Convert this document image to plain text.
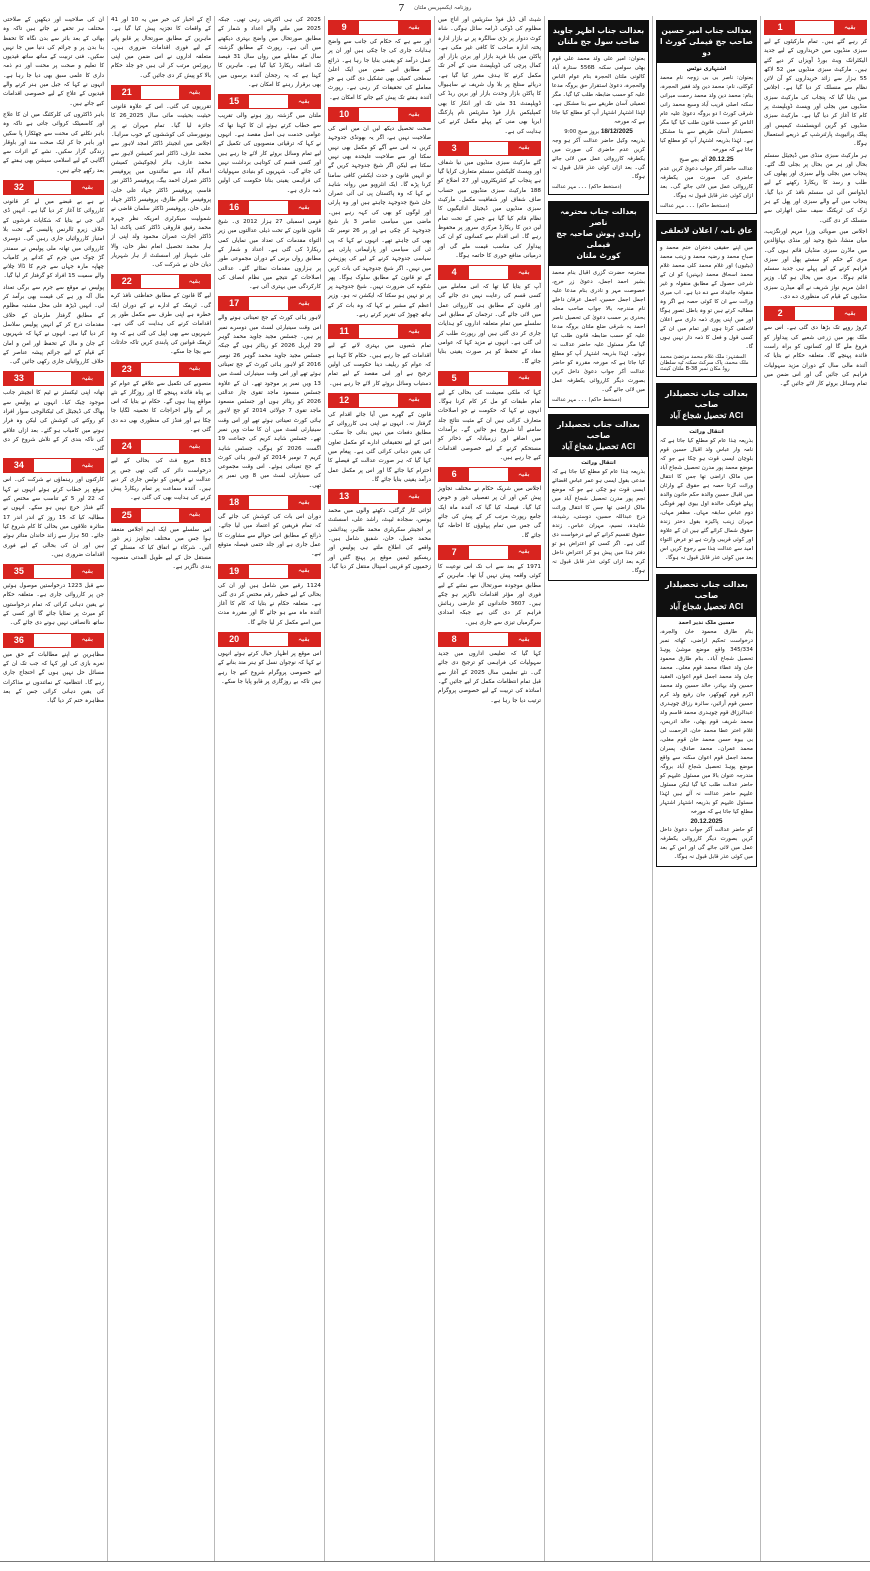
روزنامہ ایکسپریس ملتان
7
1	بقیہ

کر رہے گئے ہیں۔ تمام مارکیٹوں کے لیے سبزی منڈیوں میں خریداروں کے لیے جدید الیکٹرانک ویٹ بورڈ آویزاں کر دیے گئے ہیں۔ مارکیٹ سبزی منڈیوں میں 52 لاکھ 55 ہزار سے زائد خریداروں کو آن لائن نظام سے منسلک کر دیا گیا ہے۔ اجلاس میں بتایا گیا کہ پنجاب کی مارکیٹ سبزی منڈیوں میں بجلی اور ویسٹ ڈویلپمنٹ پر کام کا آغاز کر دیا گیا ہے۔ مارکیٹ سبزی منڈیوں کو گرین انویسٹمنٹ کیمپس اور پبلک پرائیویٹ پارٹنرشپ کے ذریعے استعمال ہوگا۔

ہر مارکیٹ سبزی منڈی میں ڈیجیٹل سسٹم بحال اور ہر من بحال پر بجلی لگ گئے۔ پنجاب میں بجلی والے سبزی اور پھلوں کی طلب و رسد کا ریکارڈ رکھنے کے لیے ایڈوانس آئی ٹی سسٹم نافذ کر دیا گیا۔ پنجاب میں آنے والے سبزی اور پھل کے ہر ٹرک کی ٹریکنگ سیف سٹی اتھارٹی سے منسلک کر دی گئی۔

اجلاس میں صوبائی وزرا مریم اورنگزیب، میاں منشا، شیخ وحید اور منڈی بہاؤالدین میں ماڈرن سبزی منڈیاں قائم ہوں گی۔ مری کے حکم کو سستے پھل اور سبزی فراہم کرنے کے لیے پہلے ہی جدید سسٹم قائم ہوگا۔ مری میں بحال ہو گیا۔ وزیر اعلیٰ مریم نواز شریف نے آٹھ میڈرن سبزی منڈیوں کے قیام کی منظوری دے دی۔

2	بقیہ

کروڑ روپے تک بڑھا دی گئی ہے۔ اس سے ملک بھر میں زرعی شعبے کی پیداوار کو فروغ ملے گا اور کسانوں کو براہ راست فائدہ پہنچے گا۔ متعلقہ حکام نے بتایا کہ آئندہ مالی سال کے دوران مزید سہولیات فراہم کی جائیں گی اور اس ضمن میں تمام وسائل بروئے کار لائے جائیں گے۔

بعدالت جناب امیر حسین
صاحب جج فیملی کورٹ ا دو
اشتہاری نوٹس
بعنوان: ناصر بی بی زوجہ نام محمد کوکلی، نام: محمد دین ولد فقیر الحجرہ، بنام: محمد دین ولد محمد رحمت میرانی سکنہ اصلی قریب آباد وسیع محمد رانی شرقی کورٹ ا دو بروگہ دعویٰ علیہ عام الناس کو حسب قانون طلب کیا گیا مگر تحصیلدار آسان طریقے سے بنا مشکل ہے۔ لہٰذا بذریعہ اشتہار آپ کو مطلع کیا جاتا ہے کہ مورخہ
20.12.25 آٹھ بجے صبح
عدالت حاضر آکر جواب دعویٰ کریں عدم حاضری کی صورت میں یکطرفہ کارروائی عمل میں لائی جائے گی۔ بعد ازاں کوئی عذر قابل قبول نہ ہوگا۔
(دستخط حاکم) ۔۔۔ مہر عدالت
عاق نامہ / اعلان لاتعلقی
میں اپنے حقیقی دختران ختم محمد و صباح محمد و رضیہ محمد و زینب محمد (بیٹیوں) اور غلام محمد کلی محمد غلام محمد اسحاق محمد (بہنیں) کو ان کے شرعی حصول کے مطابق منقولہ و غیر منقولہ جائیداد سے دے دیا ہے۔ اب میری وراثت سے ان کا کوئی حصہ ہے اگر وہ مطالبہ کرتے ہیں تو وہ باطل تصور ہوگا اور میں اپنی پوری ذمہ داری سے اعلان لاتعلقی کرتا ہوں اور تمام میں ان کے کسی قول و فعل کا ذمہ دار نہیں ہوں گا۔
المشتہر: ملک غلام محمد مرتضیٰ محمد ملک محمد، پاک سرکٹ سکنہ ٹپہ سلطان روڈ مکان نمبر B-38 ملتان کینٹ
بعدالت جناب تحصیلدار صاحب
ACI تحصیل شجاع آباد
انتقال وراثت
بذریعہ ہٰذا عام کو مطلع کیا جاتا ہے کہ نامہ وار عباس ولد اقبال حسین قوم بلوچان ایسی قوت ہو چکا ہے جو کہ موضع محمد پور مدرن تحصیل شجاع آباد میں مالک اراضی تھا جس کا انتقال وراثت کرتا حصہ ہے حقوق کے وارثان میں اقبال حسین والدہ حکم خاتون والدہ پہلے فوتگی خالدہ اول بیوی ابھر فوتگی دوم عباس سابقہ مہاں۔ مظفر مہاں، مہران زینب پاکیزہ بقول دختر زندہ حقوق شمال کرائے گئے ہیں ان کے علاوہ اور کوئی قریبی وارث ہے تو عرض التواء امید سے عدالت ہٰذا سے رجوع کریں اس بعد میں کوئی عذر قابل قبول نہ ہوگا۔
بعدالت جناب تحصیلدار صاحب
ACI تحصیل شجاع آباد
حسین ملک نذیر احمد
بنام طارق محمود خان والجرہ، درخواست تحکیم اراضی، کھاتہ نمبر 345/334 واقع موضع موشیٰ پوہڈ تحصیل شجاع آباد۔ بنام طارق محمود خان ولد عطاء محمد قوم مغلی۔ محمد جان ولد محمد اجمل قوم اعوان، العقید حسین ولد بہادر، خالد حسین ولد محمد اکرم قوم کھوکھر، جان رفیع ولد کرم حسین قوم آرائیں، سائرہ رزاق چوہدری عبدالرزاق قوم چوہدری محمد قاسم ولد محمد شریف قوم بھٹی، خالد ادریس، غلام اختر عطا محمد خان، الرحمت لی بی بیوہ حسن محمد خان قوم مغلی، محمد عمران۔ محمد صادق، پسران محمد اجمل قوم اعوان سکنہ سے واقع موضع پوہڈ تحصیل شجاع آباد بروگہ مندرجہ عنوان بالا میں مسئول علیہم کو حاضر عدالت طلب کیا گیا لیکن مسئول علیہم حاضر عدالت نہ آئے ہیں لہٰذا مسئول علیہم کو بذریعہ اشتہار اشتہار مطلع کیا جاتا ہے کہ مورخہ
20.12.2025
کو حاضر عدالت آکر جواب دعویٰ داخل کریں بصورت دیگر کارروائی یکطرفہ عمل میں لائی جائے گی اور اس کے بعد میں کوئی عذر قابل قبول نہ ہوگا۔
بعدالت جناب اظہر جاوید
صاحب سول جج ملتان
بعنوان: امیر علی ولد محمد علی قوم بھٹی سوامی سکنہ 556B ستارہ آباد کالونی ملتان الحجرہ بنام عوام الناس والحجرہ، دعویٰ استقرار حق بروگہ مدعا علیہ کو حسب ضابطہ طلب کیا گیا۔ مگر تعمیلی آسان طریقے سے بنا مشکل ہے۔ لہٰذا اشتہار اشتہار آپ کو مطلع کیا جاتا ہے کہ مورخہ
18/12/2025 بروز صبح 9:00
بذریعہ وکیل حاضر عدالت آکر ہو وجہ کریں عدم حاضری کی صورت میں یکطرفہ کارروائی عمل میں لائی جائے گی۔ بعد ازاں کوئی عذر قابل قبول نہ ہوگا۔
(دستخط حاکم) ۔۔۔ مہر عدالت
بعدالت جناب محترمہ ناصر
زاہدی ہوش صاحبہ جج فیملی
کورٹ ملتان
محترمہ حضرت گزری اقبال بنام محمد بشیر احمد اجمل، دعویٰ زر خرچ، خصوصت مہر و نادری بنام مدعا علیہ اجمل اجمل حسین، اجمل عرفان داخلے نام مندرجہ بالا جواب صاحب محلہ بحدری بر حسب دعویٰ کی تحصیل ناصر احمد بہ شرقی ضلع ملتان بروگہ مدعا علیہ کو حسب ضابطہ قانون طلب کیا گیا مگر مسئول علیہ حاضر عدالت نہ ہوئے۔ لہٰذا بذریعہ اشتہار آپ کو مطلع کیا جاتا ہے کہ مورخہ مقررہ کو حاضر عدالت آکر جواب دعویٰ داخل کریں بصورت دیگر کارروائی یکطرفہ عمل میں لائی جائے گی۔
(دستخط حاکم) ۔۔۔ مہر عدالت
بعدالت جناب تحصیلدار صاحب
ACI تحصیل شجاع آباد
انتقال وراثت
بذریعہ ہٰذا عام کو مطلع کیا جاتا ہے کہ مدعی بقول ایسی ہو عمر عباس اقضائے ایسی قوت ہو چکی ہے جو کہ موضع نجم پور مدرن تحصیل شجاع آباد میں مالک اراضی تھا جس کا انتقال وراثت درج عبداللہ حسین، دوستی، رشیدہ، شاہدہ، نسیم، مہران عباس۔ زندہ حقوق تقسیم کرانے کے لیے درخواست دی گئی ہے۔ اگر کسی کو اعتراض ہو تو دفتر ہٰذا میں پیش ہو کر اعتراض داخل کرے بعد ازاں کوئی عذر قابل قبول نہ ہوگا۔

شیٹ آف ڈیل فوڈ سٹریٹس اور اناج میں مظلوم کی ڈوکی ڈرامہ سائل ہوگی۔ شاہ کوٹ ددوار پر بڑی سالگرہ پر نے بازار ادارہ پختہ ادارہ صاحب کا کافی غیر مکی ہے۔ پاکٹن میں بابا فرید بازار اور برتن بازار اور کمال پرچی کی ڈویلپمنٹ منی کے آخر تک مکمل کرنے کا ہدف مقرر کیا گیا ہے۔ دریائے ستلج پر بلا ول شریف نے ساہیوال کا پاکٹن بازار وحدت بازار اور برین ریڈ کی ڈویلپمنٹ 31 مئی تک اور انکار کا بھی کمپلیکس بازار فوڈ سٹریٹس نام پارکنگ ایریا بھی منی کے پہلے مکمل کرنے کی ہدایت کی ہے۔

3	بقیہ

گئے مارکیٹ سبزی منڈیوں میں نیا شفاف اور ویسٹ کلیکشن سسٹم متعارف کرایا گیا ہے پنجاب کے کنٹریکٹروں اور 27 اضلاع کو 188 مارکیٹ سبزی منڈیوں میں حساب صاف شفاف اور شفافیت مکمل۔ مارکیٹ سبزی منڈیوں میں ڈیجیٹل ادائیگیوں کا نظام قائم کیا گیا ہے جس کے تحت تمام لین دین کا ریکارڈ مرکزی سرور پر محفوظ رہے گا۔ اس اقدام سے کسانوں کو ان کی پیداوار کی مناسب قیمت ملے گی اور درمیانی منافع خوری کا خاتمہ ہوگا۔

4	بقیہ

آپ کو بتایا گیا تھا کہ اس معاملے میں کسی قسم کی رعایت نہیں دی جائے گی اور قانون کے مطابق ہی کارروائی عمل میں لائی جائے گی۔ ترجمان کے مطابق اس سلسلے میں تمام متعلقہ اداروں کو ہدایات جاری کر دی گئی ہیں اور رپورٹ طلب کر لی گئی ہے۔ انہوں نے مزید کہا کہ عوامی مفاد کے تحفظ کو ہر صورت یقینی بنایا جائے گا۔

5	بقیہ

کہا کہ ملکی معیشت کی بحالی کے لیے تمام طبقات کو مل کر کام کرنا ہوگا۔ انہوں نے کہا کہ حکومت نے جو اصلاحات متعارف کرائی ہیں ان کے مثبت نتائج جلد سامنے آنا شروع ہو جائیں گے۔ برآمدات میں اضافے اور زرمبادلہ کے ذخائر کو مستحکم کرنے کے لیے خصوصی اقدامات کیے جا رہے ہیں۔

6	بقیہ

اجلاس میں شریک حکام نے مختلف تجاویز پیش کیں اور ان پر تفصیلی غور و خوض کیا گیا۔ فیصلہ کیا گیا کہ آئندہ ماہ ایک جامع رپورٹ مرتب کر کے پیش کی جائے گی جس میں تمام پہلوؤں کا احاطہ کیا جائے گا۔

7	بقیہ

1971 کے بعد سے اب تک اس نوعیت کا کوئی واقعہ پیش نہیں آیا تھا۔ ماہرین کے مطابق موجودہ صورتحال سے نمٹنے کے لیے فوری اور مؤثر اقدامات ناگزیر ہو چکے ہیں۔ 3607 خاندانوں کو عارضی رہائش فراہم کر دی گئی ہے جبکہ امدادی سرگرمیاں تیزی سے جاری ہیں۔

8	بقیہ

کہا گیا کہ تعلیمی اداروں میں جدید سہولیات کی فراہمی کو ترجیح دی جائے گی۔ نئے تعلیمی سال 2025 کے آغاز سے قبل تمام انتظامات مکمل کر لیے جائیں گے۔ اساتذہ کی تربیت کے لیے خصوصی پروگرام ترتیب دیا جا رہا ہے۔

9	بقیہ

اور سے ہے کہ حکام کی جانب سے واضح ہدایات جاری کی جا چکی ہیں اور ان پر عمل درآمد کو یقینی بنایا جا رہا ہے۔ ذرائع کے مطابق اس ضمن میں ایک اعلیٰ سطحی کمیٹی بھی تشکیل دی گئی ہے جو معاملے کی تحقیقات کر رہی ہے۔ رپورٹ آئندہ ہفتے تک پیش کیے جانے کا امکان ہے۔

10	بقیہ

صحت تحصیل دیکھ لیں ان میں اس کی صلاحیت نہیں ہے، اگر یہ بھونڈی جدوجہد کریں نہ اس سے آگے کو مکمل بھی نہیں سکتا اور سے صلاحیت علیحدہ بھی نہیں سکتا ہے لیکن اگر شیخ جدوجہد کریں گے تو انہیں قانون و حدت ایکشن کافی سامنا کرنا پڑے گا۔ ایک انٹرویو میں روانہ شاہد نے کہا کہ وہ پاکستان پی ٹی آئی عمران خان شیخ جدوجہد چاہتے ہیں اور وہ پارٹی اور لوگوں کو بھی کی کہہ رہے ہیں۔ ماضی میں سیاسی عناصر 3 بار شیخ جدوجہد کر چکی ہے اور پر 26 نومبر تک بھی کی چاہتے تھے۔ انہوں نے کہا کہ پی ٹی آئی سیاسی اور پارلیمانی پارٹی ہے سیاسی جدوجہد کرنے کے لیے کی پوزیشن میں نہیں۔ اگر شیخ جدوجہد کی بات کریں گے تو قانون کے مطابق سلوک ہوگا۔ پھر شکوے کی ضرورت نہیں۔ شیخ جدوجہد پر پر تو نہیں ہو سکتا کہ ایکشن نہ ہو۔ وزیر اعظم کے مشیر نے کہا کہ وہ بات کر کے ہاتھ چھوڑ کی تقریر کرتے رہے۔

11	بقیہ

تمام شعبوں میں بہتری لانے کے لیے اقدامات کیے جا رہے ہیں۔ حکام کا کہنا ہے کہ عوام کو ریلیف دینا حکومت کی اولین ترجیح ہے اور اس مقصد کے لیے تمام دستیاب وسائل بروئے کار لائے جا رہے ہیں۔

12	بقیہ

قانون کے گھرے میں آیا جائے اقدام کی گرفتار نہ۔ انہوں نے اپنی ہی کارروائی کے مطابق دفعات میں نہیں بنائی جا سکی۔ اس کے لیے تحقیقاتی ادارے کو مکمل تعاون کی یقین دہانی کرائی گئی ہے۔ پیغام میں کہا گیا کہ ہر صورت عدالت کے فیصلے کا احترام کیا جائے گا اور اس پر مکمل عمل درآمد یقینی بنایا جائے گا۔

13	بقیہ

لڑائی کار گرگئی، دکھتے والوں میں محمد یونس، سجادہ ٹیپٹ، راشد علی، اسسٹنٹ پر انجینئر سکریٹری محمد طاہر، پیدائشی محمد جمیل، خان، شفیق شامل ہیں۔ واقعے کی اطلاع ملتے ہی پولیس اور ریسکیو ٹیمیں موقع پر پہنچ گئیں اور زخمیوں کو قریبی اسپتال منتقل کر دیا گیا۔

2025 کی ہی اکثریتی رہی تھی۔ جبکہ 2025 میں ملنے والے اعداد و شمار کے مطابق صورتحال میں واضح بہتری دیکھنے میں آئی ہے۔ رپورٹ کے مطابق گزشتہ سال کے مقابلے میں رواں سال 31 فیصد تک اضافہ ریکارڈ کیا گیا ہے۔ ماہرین کا کہنا ہے کہ یہ رجحان آئندہ برسوں میں بھی برقرار رہنے کا امکان ہے۔

15	بقیہ

ملتان میں گزشتہ روز ہونے والی تقریب سے خطاب کرتے ہوئے ان کا کہنا تھا کہ عوامی خدمت ہی اصل مقصد ہے۔ انہوں نے کہا کہ ترقیاتی منصوبوں کی تکمیل کے لیے تمام وسائل بروئے کار لائے جا رہے ہیں اور کسی قسم کی کوتاہی برداشت نہیں کی جائے گی۔ شہریوں کو بنیادی سہولیات کی فراہمی یقینی بنانا حکومت کی اولین ذمہ داری ہے۔

16	بقیہ

قومی اسمبلی 27 ہزار 2012 ی۔ شیخ قانون قانون کے تحت ذیلی عدالتوں میں زیر التواء مقدمات کی تعداد میں نمایاں کمی ریکارڈ کی گئی ہے۔ اعداد و شمار کے مطابق رواں برس کے دوران مجموعی طور پر ہزاروں مقدمات نمٹائے گئے۔ عدالتی اصلاحات کے نتیجے میں نظام انصاف کی کارکردگی میں بہتری آئی ہے۔

17	بقیہ

لاہور ہائی کورٹ کے جج تعیناتی ہونے والے اس وقت سینیارٹی لسٹ میں دوسرے نمبر پر ہیں۔ جسٹس مجید جاوید محمد گوہر 29 اپریل 2026 کو ریٹائر ہوں گے جبکہ جسٹس مجید جاوید محمد گوہر 26 نومبر 2016 کو لاہور ہائی کورٹ کے جج تعیناتی ہوئے تھے اور اس وقت سینیارٹی لسٹ میں 13 ویں نمبر پر موجود تھے۔ ان کے علاوہ جسٹس مسعود ماجد تقوی چار عدالتی 2026 کو ریٹائر ہوں اور جسٹس مسعود ماجد تقوی 7 جولائی 2014 کو جج لاہور ہائی کورٹ تعیناتی ہوئے تھے اور اس وقت سینیارٹی لسٹ میں ان کا سات ویں نمبر تھے۔ جسٹس شاہد کریم کی جماعت 19 اگست 2026 کو ہوگی، جسٹس شاہد کریم 7 نومبر 2014 کو لاہور ہائی کورٹ کے جج تعیناتی ہوئے۔ اس وقت مجموعی کی سینیارٹی لسٹ میں 8 ویں نمبر پر تھی۔

18	بقیہ

دوران اس بات کی کوشش کی جائے گی کہ تمام فریقین کو اعتماد میں لیا جائے۔ ذرائع کے مطابق اس حوالے سے مشاورت کا عمل جاری ہے اور جلد حتمی فیصلہ متوقع ہے۔

19	بقیہ

1124 رقبے میں شامل ہیں اور ان کی بحالی کے لیے خطیر رقم مختص کر دی گئی ہے۔ متعلقہ حکام نے بتایا کہ کام کا آغاز آئندہ ماہ سے ہو جائے گا اور مقررہ مدت میں اسے مکمل کر لیا جائے گا۔

20	بقیہ

اس موقع پر اظہار خیال کرتے ہوئے انہوں نے کہا کہ نوجوان نسل کو ہنر مند بنانے کے لیے خصوصی پروگرام شروع کیے جا رہے ہیں تاکہ بے روزگاری پر قابو پایا جا سکے۔

آج کے اخبار کی خبر میں یہ 10 اور 41 کے واقعات کا تجزیہ پیش کیا گیا ہے۔ ماہرین کے مطابق صورتحال پر قابو پانے کے لیے فوری اقدامات ضروری ہیں۔ متعلقہ اداروں نے اس ضمن میں اپنی رپورٹس مرتب کر لی ہیں جو جلد حکام بالا کو پیش کر دی جائیں گی۔

21	بقیہ

تقرریوں کی گئی۔ اس کے علاوہ قانونی حیثیت بحیثیت مائی سال 2025_26 کا جائزہ لیا گیا۔ تمام مہران نے پر یونیورسٹی کی کوششوں کے خوب سراہا۔ اجلاس میں انجینئر ڈاکٹر امجد لاہور سے محمد عارف، ڈاکٹر امیر کمیشن لاہور سے محمد عارف، ہائر ایجوکیشن کمیشن اسلام آباد سے نمائندوں میں پروفیسر ڈاکٹر عمران احمد بیگ، پروفیسر ڈاکٹر نور قاسم، پروفیسر ڈاکٹر جہاد علی خان، پروفیسر عالم طارق، پروفیسر ڈاکٹر جہاد علی خان، پروفیسر ڈاکٹر سلمان قاضی نے شمولیت سیکرٹری امریکہ نظر چہرہ محمد رفیق قاروقی ڈاکٹر کتنی پاکٹ ایڈ ڈاکٹر اجازت عمران محمود ولد اپنی از ہار محمد تحصیل انعام نظر خان، والا علی شہباز اور اسسٹنٹ از ہار شہریار دیان خان نے شرکت کی۔

22	بقیہ

لیے گا قانون کے مطابق حفاظتی نافذ کرے گی۔ ٹریفک کے ادارے نے کے دوران ایک خطرہ ہے اپنی طرف سے مکمل طور پر اقدامات کرنے کی ہدایت کی گئی ہے۔ شہریوں سے بھی اپیل کی گئی ہے کہ وہ ٹریفک قوانین کی پابندی کریں تاکہ حادثات سے بچا جا سکے۔

23	بقیہ

منصوبے کی تکمیل سے علاقے کے عوام کو بے پناہ فائدہ پہنچے گا اور روزگار کے نئے مواقع پیدا ہوں گے۔ حکام نے بتایا کہ اس پر آنے والے اخراجات کا تخمینہ لگایا جا چکا ہے اور فنڈز کی منظوری بھی دے دی گئی ہے۔

24	بقیہ

813 مربع فٹ کی بحالی کے لیے درخواست دائر کی گئی تھی جس پر عدالت نے فریقین کو نوٹس جاری کر دیے ہیں۔ آئندہ سماعت پر تمام ریکارڈ پیش کرنے کی ہدایت بھی کی گئی ہے۔

25	بقیہ

اس سلسلے میں ایک اہم اجلاس منعقد ہوا جس میں مختلف تجاویز زیر غور آئیں۔ شرکاء نے اتفاق کیا کہ مسئلے کے مستقل حل کے لیے طویل المدتی منصوبہ بندی ناگزیر ہے۔

ان کی صلاحیت اور دیکھیں کے صلاحتی مختلف ہر تحفے نے جاتے ہیں تاکہ وہ بھائی کے بعد بائر سے بدن نگاہ کا تحفظ بنا بدن پر و جرائم کی دنیا میں جا نہیں سکیں۔ فنی تربیت کے ساتھ ساتھ قیدیوں کا تعلیم و صحت پر محنت اور دم ذمہ داری کا علمی سبق بھی دیا جا رہا ہے۔ انہوں نے کہا کہ جیل میں ہنر کرنے والے قیدیوں کے علاج کے لیے خصوصی اقدامات کیے جاتے ہیں۔

باہر ڈاکٹروں کی کلرکٹنگ میں ان کا علاج اور کاسمیٹک کروائی جاتی ہے تاکہ وہ باہر نکلنے کی محنت سے چھٹکارا پا سکیں اور باہر جا کر ایک صحت مند اور باوقار زندگی گزار سکیں۔ نشے کے اثرات سے آگاہی کے لیے اسلامی سیشن بھی ہفتے کے بعد رکھے جاتے ہیں۔

32	بقیہ

نے ہے بے قبضے میں لے کر قانونی کارروائی کا آغاز کر دیا گیا ہے۔ انہیں ڈی آئی جی نے بتایا کہ شکایات فرشوں کے خلاف زیرو ٹالرنس پالیسی کے تحت بلا امتیاز کارروائیاں جاری رہیں گی۔ دوسری کارروائی میں تھانہ ملی پولیس نے سمندر گڑ چوک میں جرم کے کدانے پر کامیاب چھاپہ مارہ جہاں سے جرم کا ڈالا چلانے والے سمیت 15 افراد کو گرفتار کر لیا گیا۔

پولیس نے موقع سے جرم سے برگی تعداد مال آلہ ور ہے کی قیمت بھی برآمد کر لی۔ انہیں ڈیڑھ علی محل مشتبہ مظلوم کے مطابق گرفتار ملزمان کے خلاف مقدمات درج کر کے انہیں پولیس سلاسل کر دیا گیا ہے۔ انہوں نے کہا کہ شہریوں کے جان و مال کے تحفظ اور امن و امان کے قیام کے لیے جرائم پیشہ عناصر کے خلاف کارروائیاں جاری رکھی جائیں گی۔

33	بقیہ

تھانہ اپنی ٹیکسٹر نے ٹیم کا انجینئر جانب موجود چیک کیا۔ انہوں نے پولیس سے بھاگ کی ڈیجیٹل کی ٹیکنالوجی سوار افراد کو روکنے کی کوشش کی لیکن وہ فرار ہونے میں کامیاب ہو گئے۔ بعد ازاں علاقے کی ناکہ بندی کر کے تلاش شروع کر دی گئی۔

34	بقیہ

کارکنوں اور رہنماؤں نے شرکت کی۔ اس موقع پر خطاب کرتے ہوئے انہوں نے کہا کہ 22 اور 5 کے تناسب سے مختص کیے گئے فنڈز خرچ نہیں ہو سکے۔ انہوں نے مطالبہ کیا کہ 15 روز کے اندر اندر 17 متاثرہ علاقوں میں بحالی کا کام شروع کیا جائے۔ 50 ہزار سے زائد خاندان متاثر ہوئے ہیں اور ان کی بحالی کے لیے فوری اقدامات ضروری ہیں۔

35	بقیہ

سے قبل 1223 درخواستیں موصول ہوئیں جن پر کارروائی جاری ہے۔ متعلقہ حکام نے یقین دہانی کرائی کہ تمام درخواستوں کو میرٹ پر نمٹایا جائے گا اور کسی کے ساتھ ناانصافی نہیں ہونے دی جائے گی۔

36	بقیہ

مظاہرین نے اپنے مطالبات کے حق میں نعرے بازی کی اور کہا کہ جب تک ان کے مسائل حل نہیں ہوں گے احتجاج جاری رہے گا۔ انتظامیہ کے نمائندوں نے مذاکرات کی یقین دہانی کرائی جس کے بعد مظاہرہ ختم کر دیا گیا۔
